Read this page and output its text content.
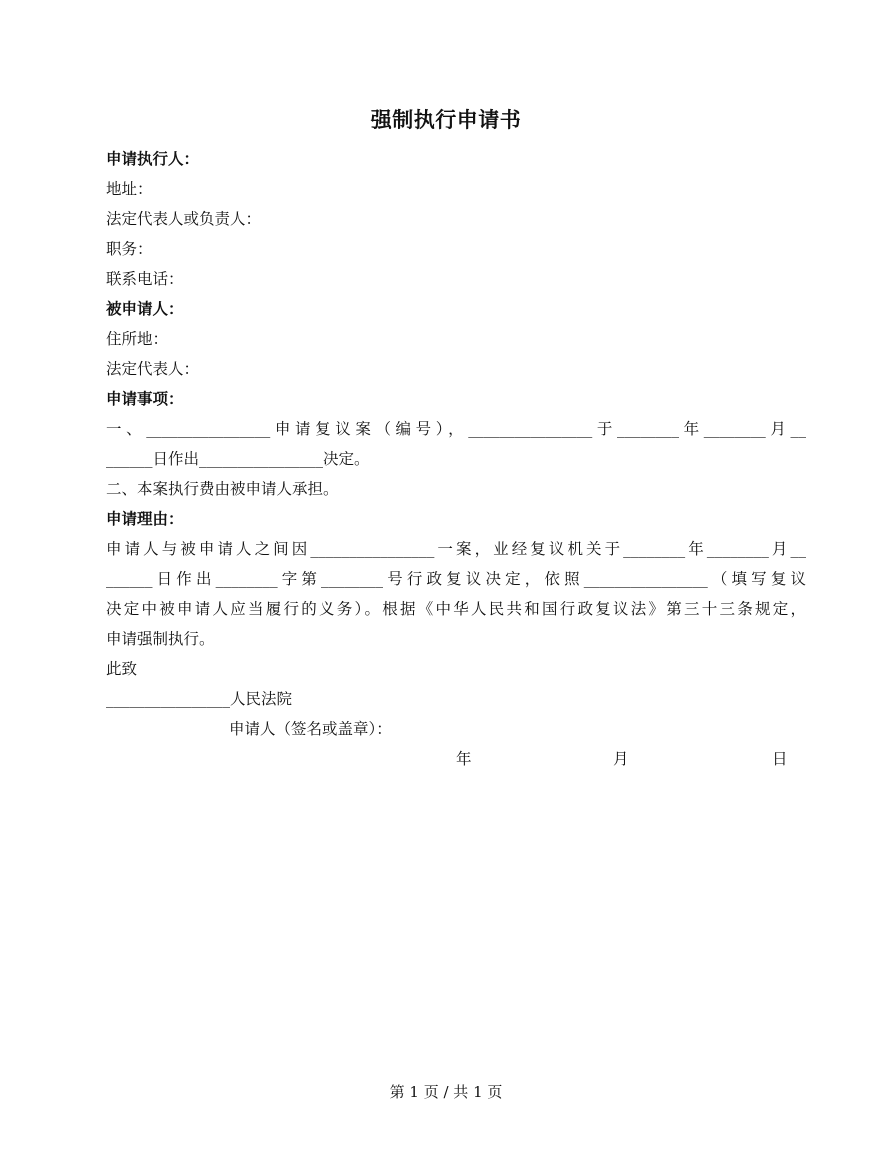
强制执行申请书
申请执行人：
地址：
法定代表人或负责人：
职务：
联系电话：
被申请人：
住所地：
法定代表人：
申请事项：
一、________________申请复议案（编号），________________于________年________月__
______日作出________________决定。
二、本案执行费由被申请人承担。
申请理由：
申请人与被申请人之间因________________一案，业经复议机关于________年________月__
______日作出________字第________号行政复议决定，依照________________（填写复议
决定中被申请人应当履行的义务）。根据《中华人民共和国行政复议法》第三十三条规定，
申请强制执行。
此致
________________人民法院
申请人（签名或盖章）：
年	月	日
第 1 页 / 共 1 页
